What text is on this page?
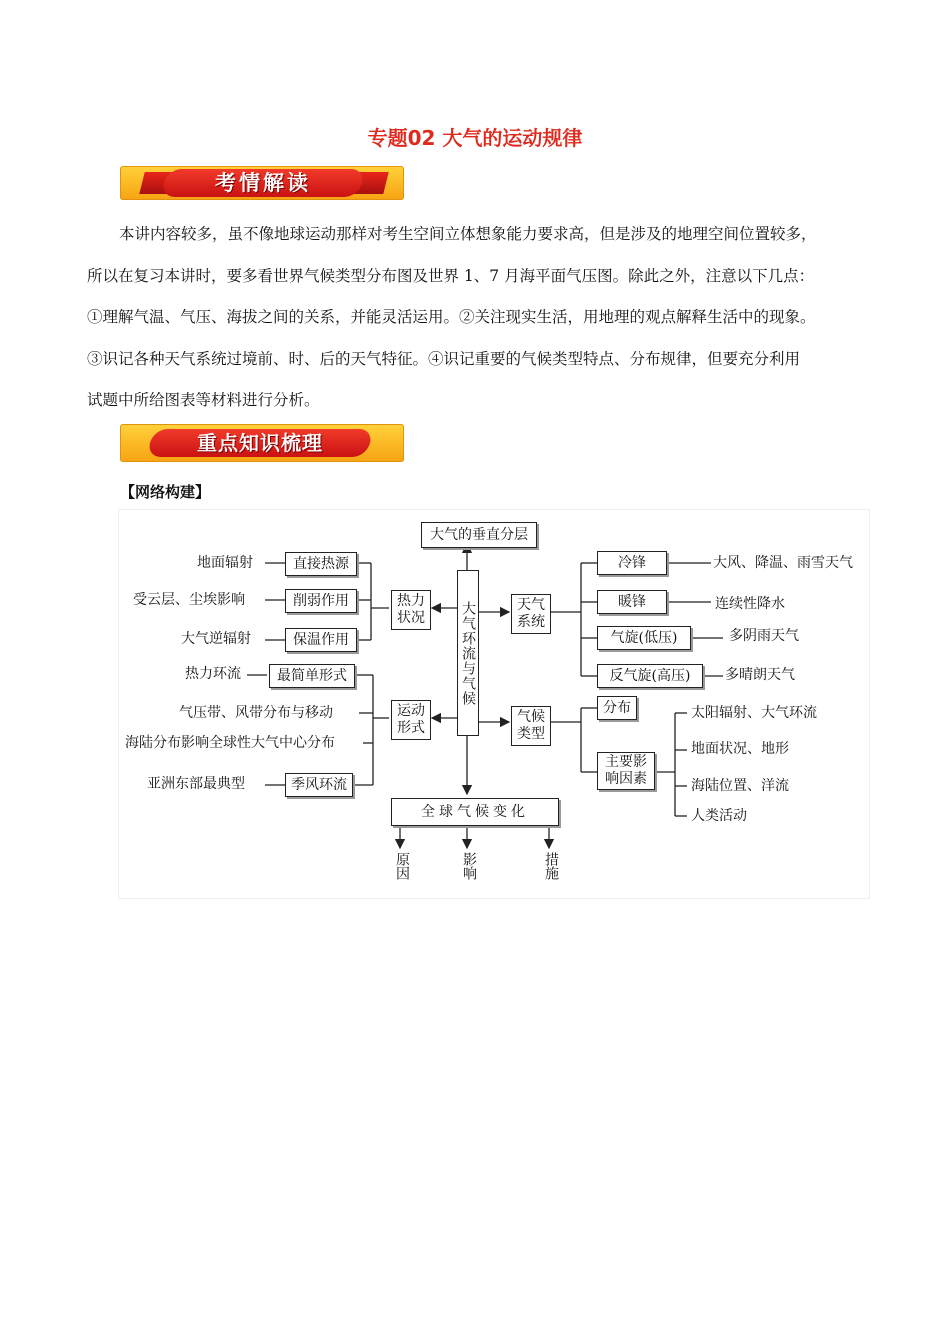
专题02 大气的运动规律
考情解读

本讲内容较多，虽不像地球运动那样对考生空间立体想象能力要求高，但是涉及的地理空间位置较多，

所以在复习本讲时，要多看世界气候类型分布图及世界 1、7 月海平面气压图。除此之外，注意以下几点：

①理解气温、气压、海拔之间的关系，并能灵活运用。②关注现实生活，用地理的观点解释生活中的现象。

③识记各种天气系统过境前、时、后的天气特征。④识记重要的气候类型特点、分布规律，但要充分利用

试题中所给图表等材料进行分析。

重点知识梳理
【网络构建】
大气的垂直分层
大气环流与气候
热力状况
直接热源
削弱作用
保温作用
地面辐射
受云层、尘埃影响
大气逆辐射
运动形式
最简单形式
季风环流
热力环流
气压带、风带分布与移动
海陆分布影响全球性大气中心分布
亚洲东部最典型
天气系统
冷锋
暖锋
气旋(低压)
反气旋(高压)
大风、降温、雨雪天气
连续性降水
多阴雨天气
多晴朗天气
气候类型
分布
主要影响因素
太阳辐射、大气环流
地面状况、地形
海陆位置、洋流
人类活动
全球气候变化
原因	影响	措施
